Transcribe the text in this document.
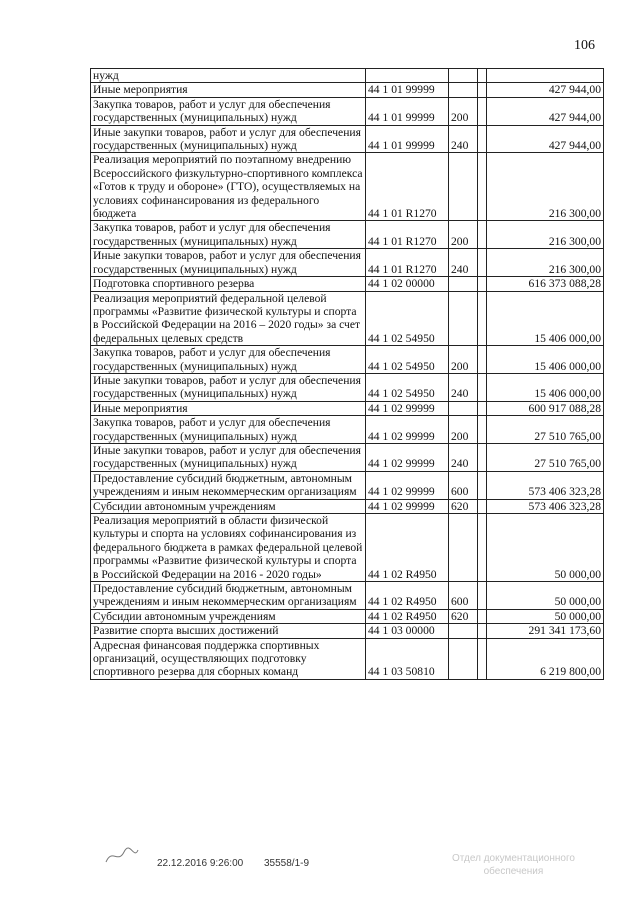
106
нужд				
Иные мероприятия	44 1 01 99999			427 944,00
Закупка товаров, работ и услуг для обеспечения государственных (муниципальных) нужд	44 1 01 99999	200		427 944,00
Иные закупки товаров, работ и услуг для обеспечения государственных (муниципальных) нужд	44 1 01 99999	240		427 944,00
Реализация мероприятий по поэтапному внедрению Всероссийского физкультурно-спортивного комплекса «Готов к труду и обороне» (ГТО), осуществляемых на условиях софинансирования из федерального бюджета	44 1 01 R1270			216 300,00
Закупка товаров, работ и услуг для обеспечения государственных (муниципальных) нужд	44 1 01 R1270	200		216 300,00
Иные закупки товаров, работ и услуг для обеспечения государственных (муниципальных) нужд	44 1 01 R1270	240		216 300,00
Подготовка спортивного резерва	44 1 02 00000			616 373 088,28
Реализация мероприятий федеральной целевой программы «Развитие физической культуры и спорта в Российской Федерации на 2016 – 2020 годы» за счет федеральных целевых средств	44 1 02 54950			15 406 000,00
Закупка товаров, работ и услуг для обеспечения государственных (муниципальных) нужд	44 1 02 54950	200		15 406 000,00
Иные закупки товаров, работ и услуг для обеспечения государственных (муниципальных) нужд	44 1 02 54950	240		15 406 000,00
Иные мероприятия	44 1 02 99999			600 917 088,28
Закупка товаров, работ и услуг для обеспечения государственных (муниципальных) нужд	44 1 02 99999	200		27 510 765,00
Иные закупки товаров, работ и услуг для обеспечения государственных (муниципальных) нужд	44 1 02 99999	240		27 510 765,00
Предоставление субсидий бюджетным, автономным учреждениям и иным некоммерческим организациям	44 1 02 99999	600		573 406 323,28
Субсидии автономным учреждениям	44 1 02 99999	620		573 406 323,28
Реализация мероприятий в области физической культуры и спорта на условиях софинансирования из федерального бюджета в рамках федеральной целевой программы «Развитие физической культуры и спорта в Российской Федерации на 2016 - 2020 годы»	44 1 02 R4950			50 000,00
Предоставление субсидий бюджетным, автономным учреждениям и иным некоммерческим организациям	44 1 02 R4950	600		50 000,00
Субсидии автономным учреждениям	44 1 02 R4950	620		50 000,00
Развитие спорта высших достижений	44 1 03 00000			291 341 173,60
Адресная финансовая поддержка спортивных организаций, осуществляющих подготовку спортивного резерва для сборных команд	44 1 03 50810			6 219 800,00
22.12.2016 9:26:00 35558/1-9	Отдел документационного
обеспечения
